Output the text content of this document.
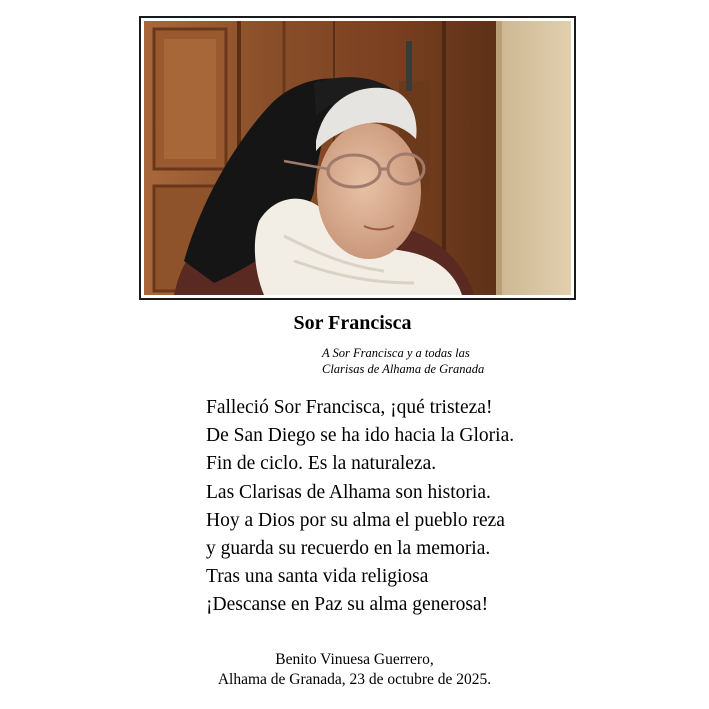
Sor Francisca
A Sor Francisca y a todas las
Clarisas de Alhama de Granada
Falleció Sor Francisca, ¡qué tristeza!
De San Diego se ha ido hacia la Gloria.
Fin de ciclo. Es la naturaleza.
Las Clarisas de Alhama son historia.
Hoy a Dios por su alma el pueblo reza
y guarda su recuerdo en la memoria.
Tras una santa vida religiosa
¡Descanse en Paz su alma generosa!
Benito Vinuesa Guerrero,
Alhama de Granada, 23 de octubre de 2025.
